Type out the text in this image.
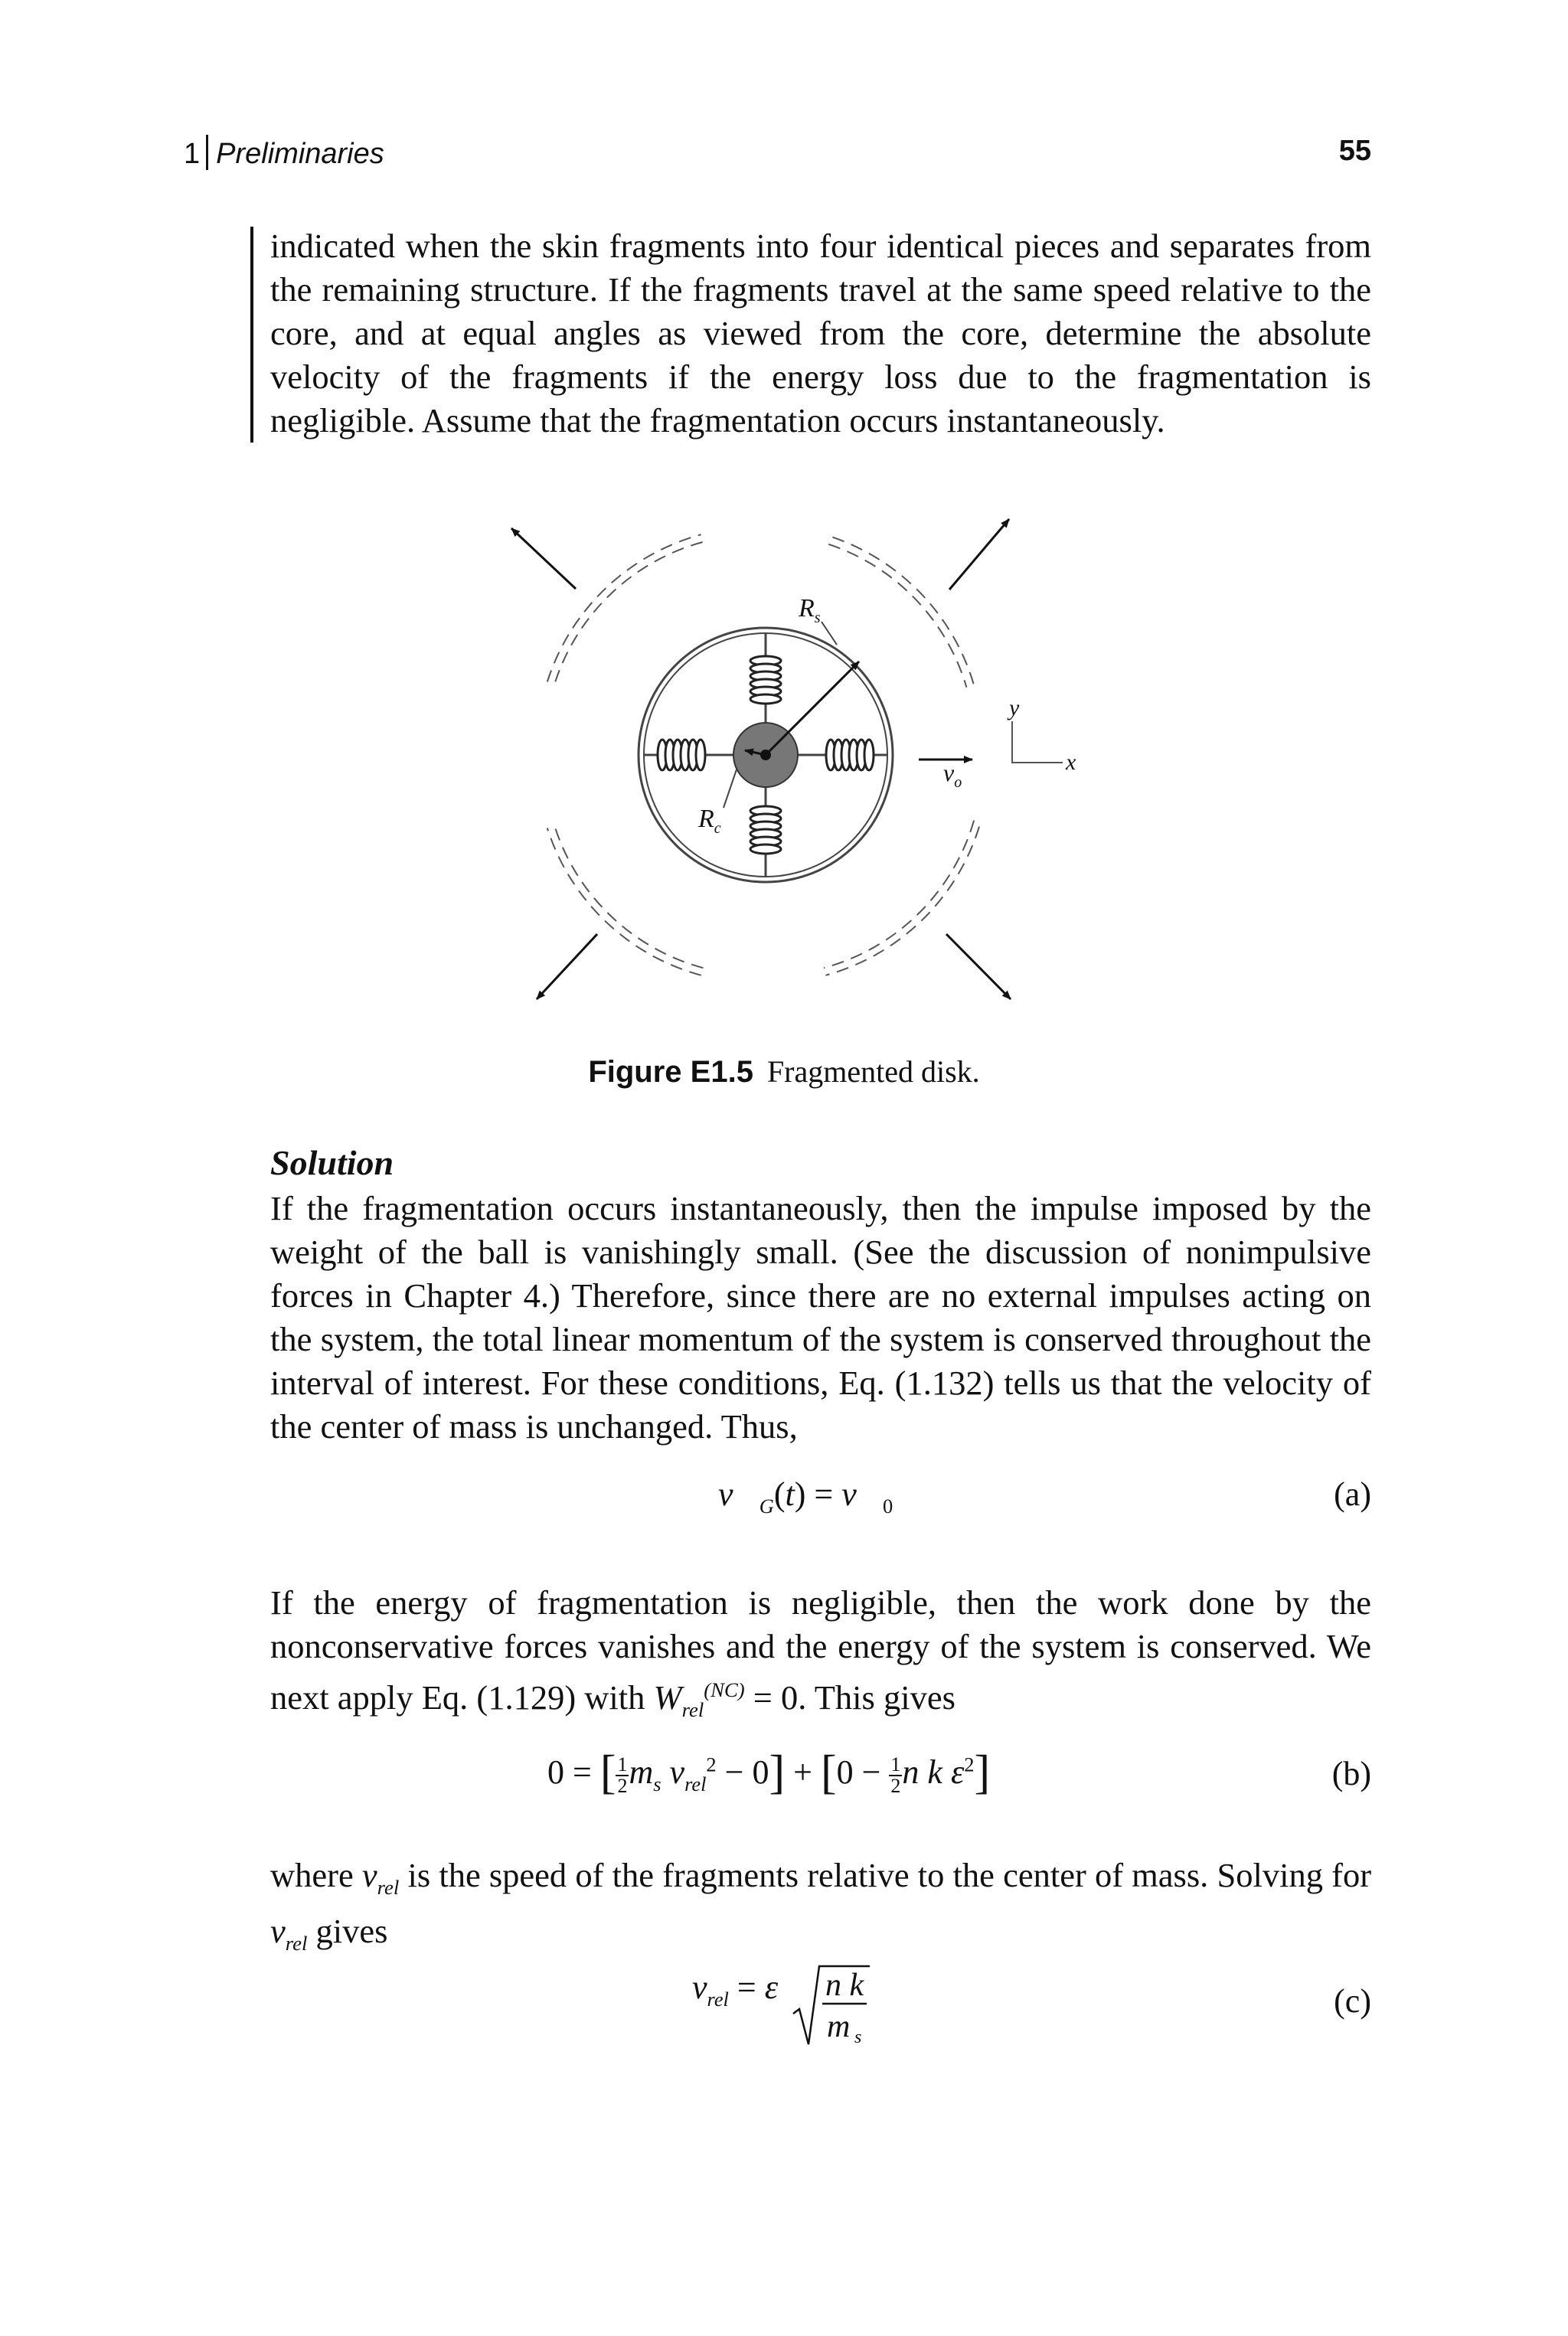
1 Preliminaries	55

indicated when the skin fragments into four identical pieces and separates from the remaining structure. If the fragments travel at the same speed relative to the core, and at equal angles as viewed from the core, determine the absolute velocity of the fragments if the energy loss due to the fragmentation is negligible. Assume that the fragmentation occurs instantaneously.

$R_s$
$R_c$
$v_o$
y
x
Figure E1.5 Fragmented disk.
Solution

If the fragmentation occurs instantaneously, then the impulse imposed by the weight of the ball is vanishingly small. (See the discussion of nonimpulsive forces in Chapter 4.) Therefore, since there are no external impulses acting on the system, the total linear momentum of the system is conserved throughout the interval of interest. For these conditions, Eq. (1.132) tells us that the velocity of the center of mass is unchanged. Thus,

$v⃗_G(t)$ = $v⃗_0$	(a)

If the energy of fragmentation is negligible, then the work done by the nonconservative forces vanishes and the energy of the system is conserved. We next apply Eq. (1.129) with $W_{rel}^{(NC)} = 0$. This gives

0 = [ $\frac{1}{2} m_s$ $v_{rel}^2 - 0] + [0 - \frac{1}{2}$ n k $\varepsilon^2$]	(b)

where $v_{rel}$ is the speed of the fragments relative to the center of mass. Solving for $v_{rel}$ gives

$v_{rel} = \varepsilon$ n k
m s
(c)
